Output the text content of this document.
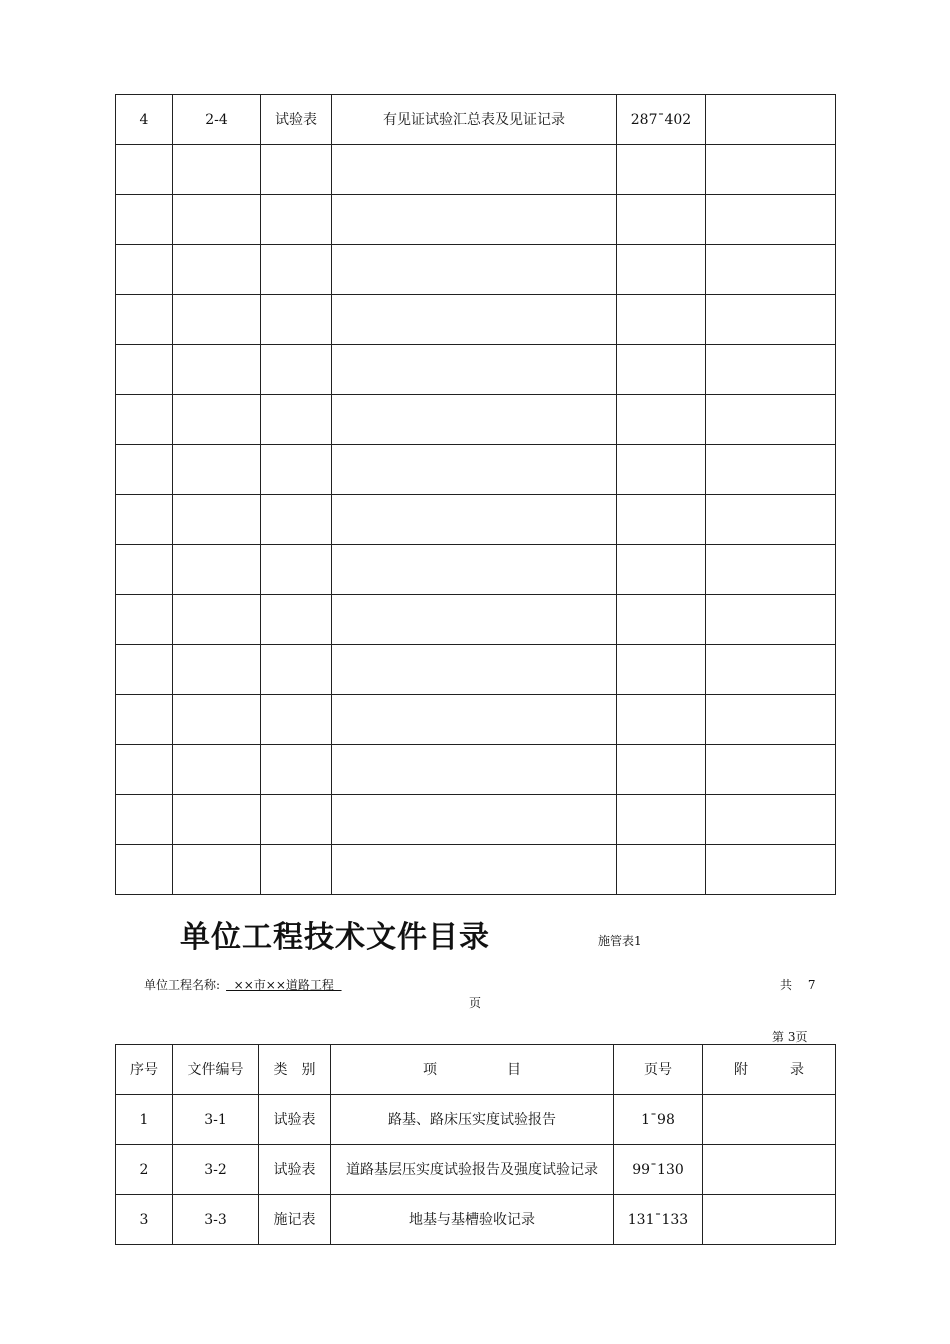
4	2-4	试验表	有见证试验汇总表及见证记录	287¯402	

单位工程技术文件目录	施管表1
单位工程名称:  ××市××道路工程	共 7
页
第 3页
序号	文件编号	类　别	项　　　　　目	页号	附　　　录
1	3-1	试验表	路基、路床压实度试验报告	1¯98	
2	3-2	试验表	道路基层压实度试验报告及强度试验记录	99¯130	
3	3-3	施记表	地基与基槽验收记录	131¯133	
